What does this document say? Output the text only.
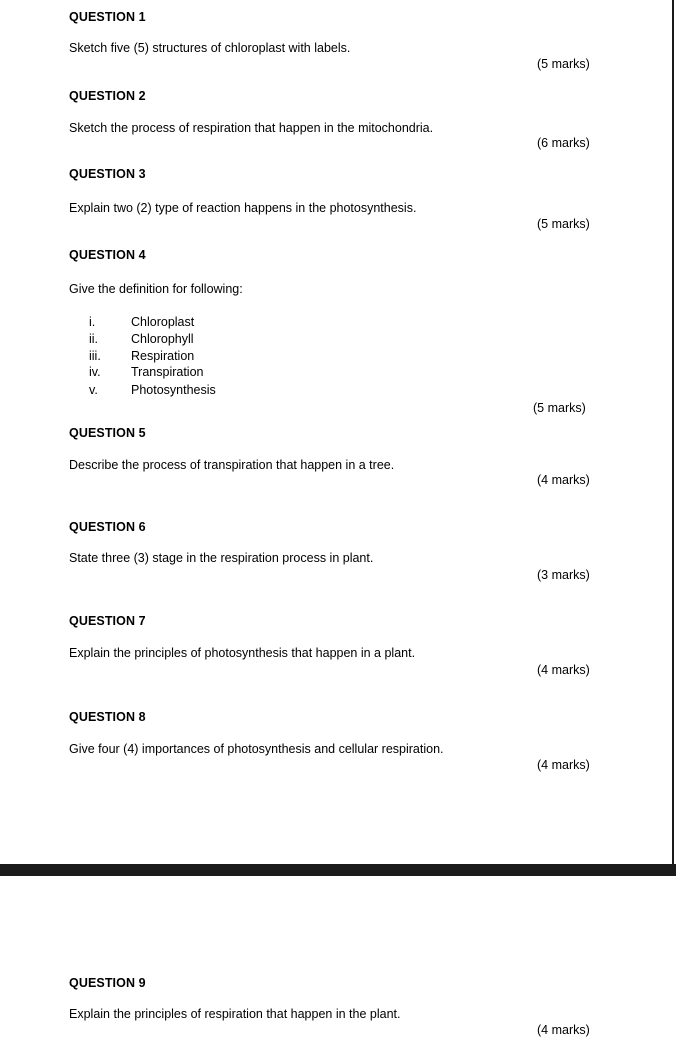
QUESTION 1
Sketch five (5) structures of chloroplast with labels.
(5 marks)
QUESTION 2
Sketch the process of respiration that happen in the mitochondria.
(6 marks)
QUESTION 3
Explain two (2) type of reaction happens in the photosynthesis.
(5 marks)
QUESTION 4
Give the definition for following:
i.	Chloroplast
ii.	Chlorophyll
iii. Respiration
iv. Transpiration
v.	Photosynthesis
(5 marks)
QUESTION 5
Describe the process of transpiration that happen in a tree.
(4 marks)
QUESTION 6
State three (3) stage in the respiration process in plant.
(3 marks)
QUESTION 7
Explain the principles of photosynthesis that happen in a plant.
(4 marks)
QUESTION 8
Give four (4) importances of photosynthesis and cellular respiration.
(4 marks)
QUESTION 9
Explain the principles of respiration that happen in the plant.
(4 marks)
